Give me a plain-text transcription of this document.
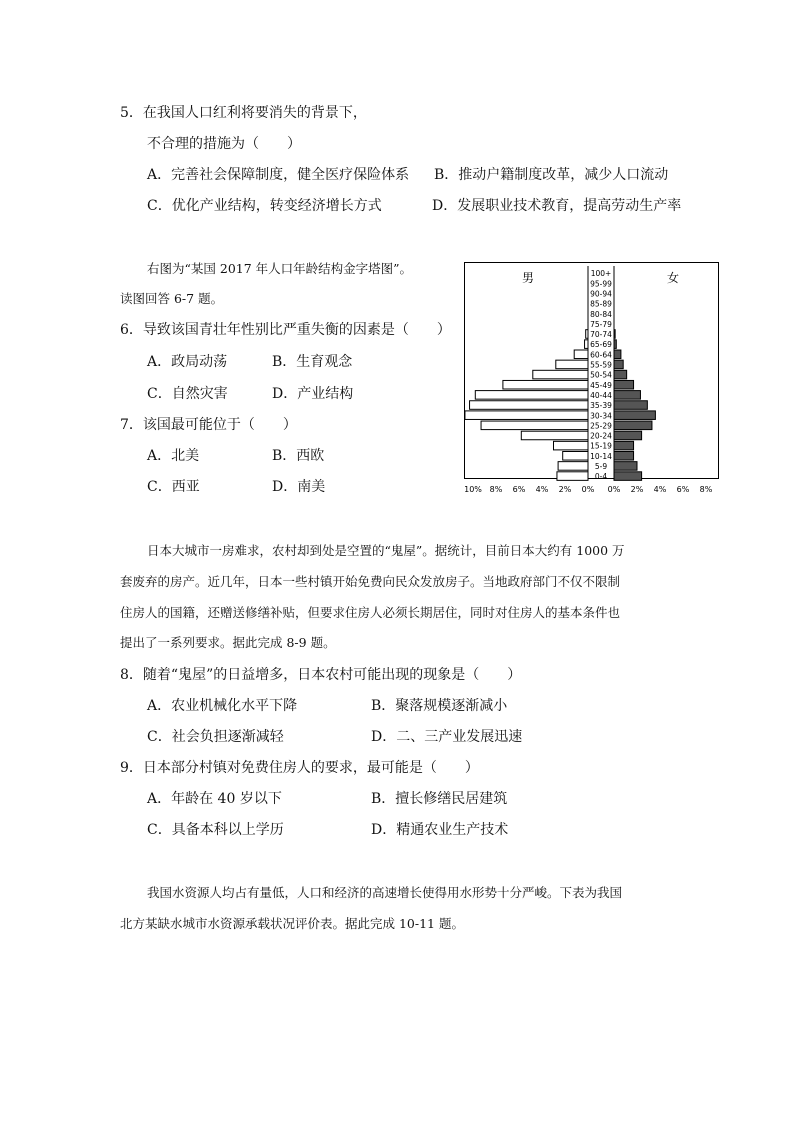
5．在我国人口红利将要消失的背景下，
不合理的措施为（　　）
A．完善社会保障制度，健全医疗保险体系 B．推动户籍制度改革，减少人口流动
C．优化产业结构，转变经济增长方式	D．发展职业技术教育，提高劳动生产率
右图为“某国 2017 年人口年龄结构金字塔图”。
读图回答 6-7 题。
6．导致该国青壮年性别比严重失衡的因素是（　　）
A．政局动荡	B．生育观念
C．自然灾害	D．产业结构
7．该国最可能位于（　　）
A．北美	B．西欧
C．西亚	D．南美
男	女
100+
95-99
90-94
85-89
80-84
75-79
70-74
65-69
60-64
55-59
50-54
45-49
40-44
35-39
30-34
25-29
20-24
15-19
10-14
5-9
0-4
10% 8% 6% 4% 2% 0% 0% 2% 4% 6% 8%
日本大城市一房难求，农村却到处是空置的“鬼屋”。据统计，目前日本大约有 1000 万
套废弃的房产。近几年，日本一些村镇开始免费向民众发放房子。当地政府部门不仅不限制
住房人的国籍，还赠送修缮补贴，但要求住房人必须长期居住，同时对住房人的基本条件也
提出了一系列要求。据此完成 8-9 题。
8．随着“鬼屋”的日益增多，日本农村可能出现的现象是（　　）
A．农业机械化水平下降	B．聚落规模逐渐减小
C．社会负担逐渐减轻	D．二、三产业发展迅速
9．日本部分村镇对免费住房人的要求，最可能是（　　）
A．年龄在 40 岁以下	B．擅长修缮民居建筑
C．具备本科以上学历	D．精通农业生产技术
我国水资源人均占有量低，人口和经济的高速增长使得用水形势十分严峻。下表为我国
北方某缺水城市水资源承载状况评价表。据此完成 10-11 题。
